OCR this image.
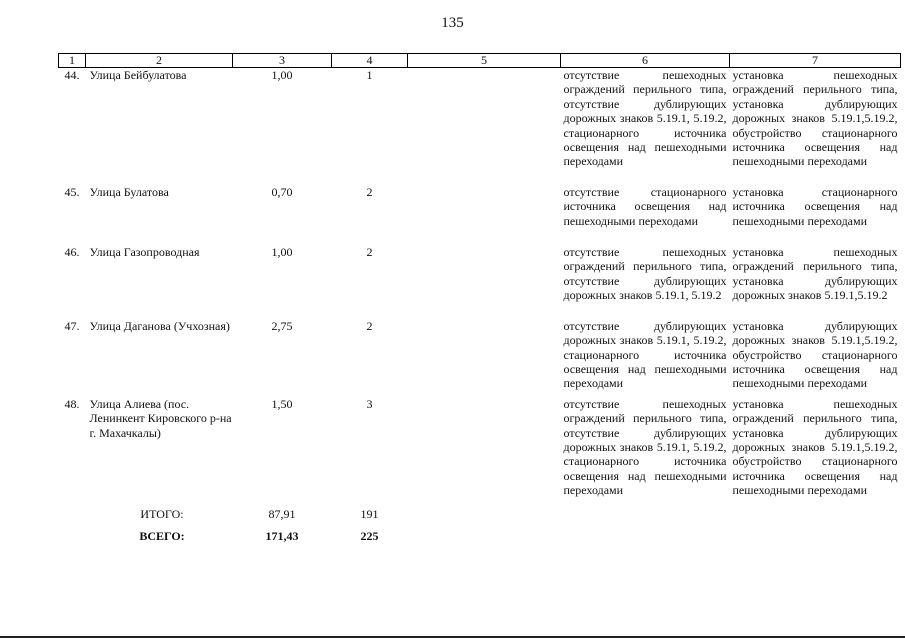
135
1	2	3	4	5	6	7
44.	Улица Бейбулатова	1,00	1		отсутствие пешеходных ограждений перильного типа, отсутствие дублирующих дорожных знаков 5.19.1, 5.19.2, стационарного источника освещения над пешеходными переходами	установка пешеходных ограждений перильного типа, установка дублирующих дорожных знаков 5.19.1,5.19.2, обустройство стационарного источника освещения над пешеходными переходами

45.	Улица Булатова	0,70	2		отсутствие стационарного источника освещения над пешеходными переходами	установка стационарного источника освещения над пешеходными переходами

46.	Улица Газопроводная	1,00	2		отсутствие пешеходных ограждений перильного типа, отсутствие дублирующих дорожных знаков 5.19.1, 5.19.2	установка пешеходных ограждений перильного типа, установка дублирующих дорожных знаков 5.19.1,5.19.2

47.	Улица Даганова (Учхозная)	2,75	2		отсутствие дублирующих дорожных знаков 5.19.1, 5.19.2, стационарного источника освещения над пешеходными переходами	установка дублирующих дорожных знаков 5.19.1,5.19.2, обустройство стационарного источника освещения над пешеходными переходами

48.	Улица Алиева (пос. Ленинкент Кировского р-на г. Махачкалы)	1,50	3		отсутствие пешеходных ограждений перильного типа, отсутствие дублирующих дорожных знаков 5.19.1, 5.19.2, стационарного источника освещения над пешеходными переходами	установка пешеходных ограждений перильного типа, установка дублирующих дорожных знаков 5.19.1,5.19.2, обустройство стационарного источника освещения над пешеходными переходами

	ИТОГО:	87,91	191			

	ВСЕГО:	171,43	225			
